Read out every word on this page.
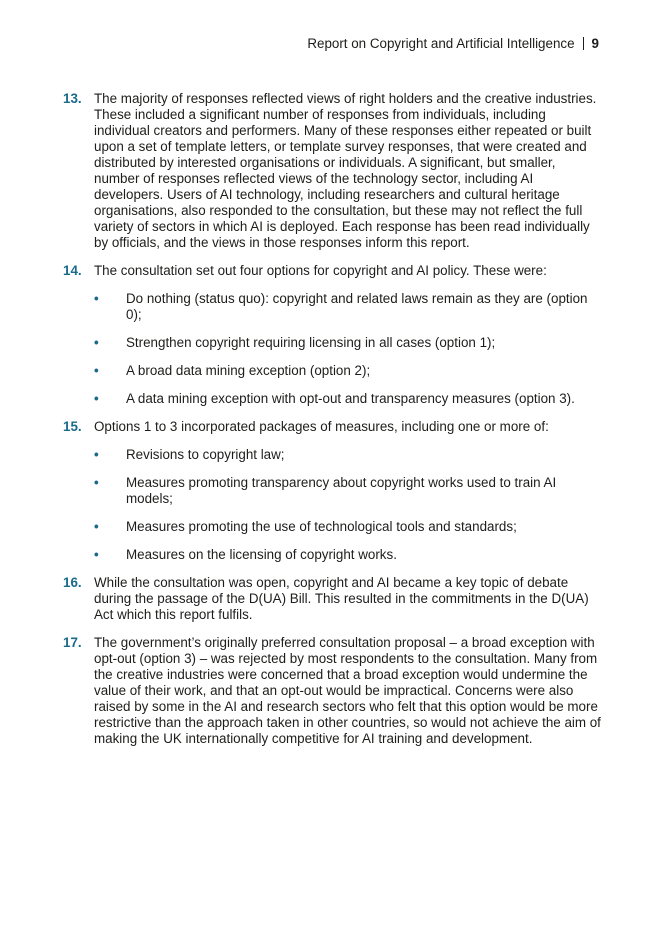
Report on Copyright and Artificial Intelligence 9
13. The majority of responses reflected views of right holders and the creative industries. These included a significant number of responses from individuals, including individual creators and performers. Many of these responses either repeated or built upon a set of template letters, or template survey responses, that were created and distributed by interested organisations or individuals. A significant, but smaller, number of responses reflected views of the technology sector, including AI developers. Users of AI technology, including researchers and cultural heritage organisations, also responded to the consultation, but these may not reflect the full variety of sectors in which AI is deployed. Each response has been read individually by officials, and the views in those responses inform this report.
14. The consultation set out four options for copyright and AI policy. These were:
• Do nothing (status quo): copyright and related laws remain as they are (option 0);
• Strengthen copyright requiring licensing in all cases (option 1);
• A broad data mining exception (option 2);
• A data mining exception with opt-out and transparency measures (option 3).
15. Options 1 to 3 incorporated packages of measures, including one or more of:
• Revisions to copyright law;
• Measures promoting transparency about copyright works used to train AI models;
• Measures promoting the use of technological tools and standards;
• Measures on the licensing of copyright works.
16. While the consultation was open, copyright and AI became a key topic of debate during the passage of the D(UA) Bill. This resulted in the commitments in the D(UA) Act which this report fulfils.
17. The government’s originally preferred consultation proposal – a broad exception with opt-out (option 3) – was rejected by most respondents to the consultation. Many from the creative industries were concerned that a broad exception would undermine the value of their work, and that an opt-out would be impractical. Concerns were also raised by some in the AI and research sectors who felt that this option would be more restrictive than the approach taken in other countries, so would not achieve the aim of making the UK internationally competitive for AI training and development.
